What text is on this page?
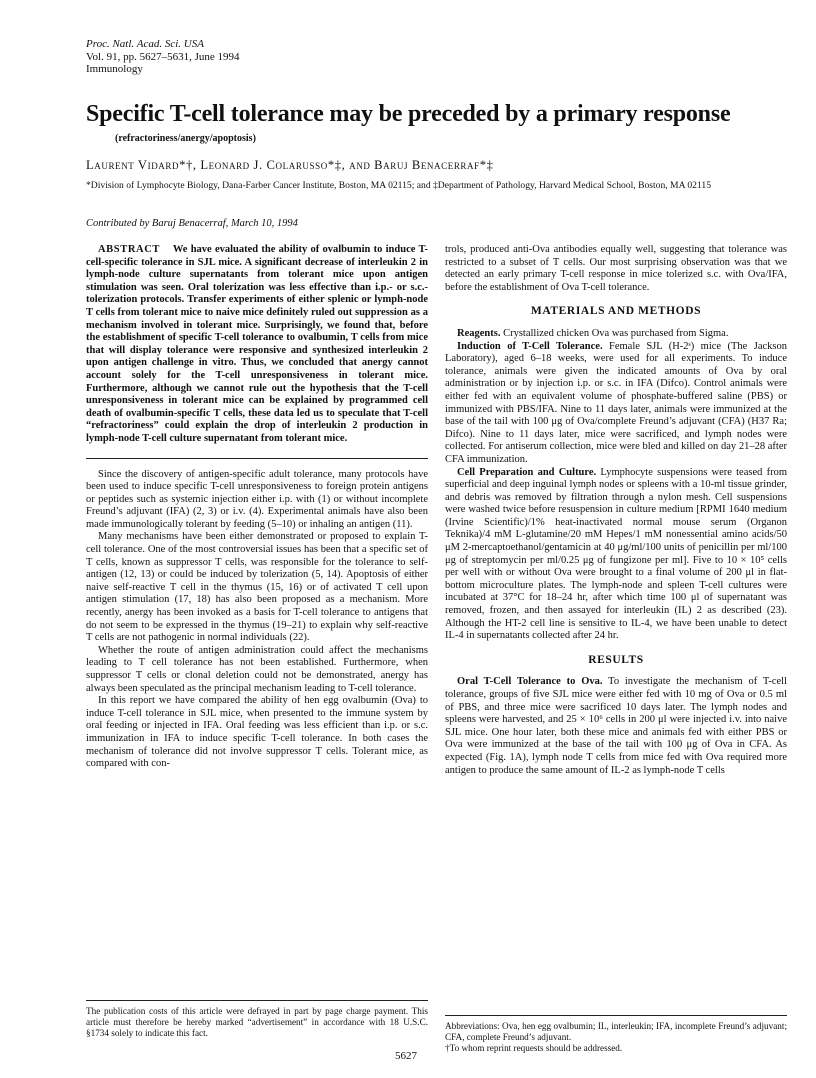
Proc. Natl. Acad. Sci. USA
Vol. 91, pp. 5627–5631, June 1994
Immunology
Specific T-cell tolerance may be preceded by a primary response
(refractoriness/anergy/apoptosis)
Laurent Vidard*†, Leonard J. Colarusso*‡, and Baruj Benacerraf*‡
*Division of Lymphocyte Biology, Dana-Farber Cancer Institute, Boston, MA 02115; and ‡Department of Pathology, Harvard Medical School, Boston, MA 02115
Contributed by Baruj Benacerraf, March 10, 1994

ABSTRACT We have evaluated the ability of ovalbumin to induce T-cell-specific tolerance in SJL mice. A significant decrease of interleukin 2 in lymph-node culture supernatants from tolerant mice upon antigen stimulation was seen. Oral tolerization was less effective than i.p.- or s.c.-tolerization protocols. Transfer experiments of either splenic or lymph-node T cells from tolerant mice to naive mice definitely ruled out suppression as a mechanism involved in tolerant mice. Surprisingly, we found that, before the establishment of specific T-cell tolerance to ovalbumin, T cells from mice that will display tolerance were responsive and synthesized interleukin 2 upon antigen challenge in vitro. Thus, we concluded that anergy cannot account solely for the T-cell unresponsiveness in tolerant mice. Furthermore, although we cannot rule out the hypothesis that the T-cell unresponsiveness in tolerant mice can be explained by programmed cell death of ovalbumin-specific T cells, these data led us to speculate that T-cell “refractoriness” could explain the drop of interleukin 2 production in lymph-node T-cell culture supernatant from tolerant mice.

Since the discovery of antigen-specific adult tolerance, many protocols have been used to induce specific T-cell unresponsiveness to foreign protein antigens or peptides such as systemic injection either i.p. with (1) or without incomplete Freund’s adjuvant (IFA) (2, 3) or i.v. (4). Experimental animals have also been made immunologically tolerant by feeding (5–10) or inhaling an antigen (11).

Many mechanisms have been either demonstrated or proposed to explain T-cell tolerance. One of the most controversial issues has been that a specific set of T cells, known as suppressor T cells, was responsible for the tolerance to self-antigen (12, 13) or could be induced by tolerization (5, 14). Apoptosis of either naive self-reactive T cell in the thymus (15, 16) or of activated T cell upon antigen stimulation (17, 18) has also been proposed as a mechanism. More recently, anergy has been invoked as a basis for T-cell tolerance to antigens that do not seem to be expressed in the thymus (19–21) to explain why self-reactive T cells are not pathogenic in normal individuals (22).

Whether the route of antigen administration could affect the mechanisms leading to T cell tolerance has not been established. Furthermore, when suppressor T cells or clonal deletion could not be demonstrated, anergy has always been speculated as the principal mechanism leading to T-cell tolerance.

In this report we have compared the ability of hen egg ovalbumin (Ova) to induce T-cell tolerance in SJL mice, when presented to the immune system by oral feeding or injected in IFA. Oral feeding was less efficient than i.p. or s.c. immunization in IFA to induce specific T-cell tolerance. In both cases the mechanism of tolerance did not involve suppressor T cells. Tolerant mice, as compared with con-

trols, produced anti-Ova antibodies equally well, suggesting that tolerance was restricted to a subset of T cells. Our most surprising observation was that we detected an early primary T-cell response in mice tolerized s.c. with Ova/IFA, before the establishment of Ova T-cell tolerance.

MATERIALS AND METHODS

Reagents. Crystallized chicken Ova was purchased from Sigma.

Induction of T-Cell Tolerance. Female SJL (H-2ˢ) mice (The Jackson Laboratory), aged 6–18 weeks, were used for all experiments. To induce tolerance, animals were given the indicated amounts of Ova by oral administration or by injection i.p. or s.c. in IFA (Difco). Control animals were either fed with an equivalent volume of phosphate-buffered saline (PBS) or immunized with PBS/IFA. Nine to 11 days later, animals were immunized at the base of the tail with 100 μg of Ova/complete Freund’s adjuvant (CFA) (H37 Ra; Difco). Nine to 11 days later, mice were sacrificed, and lymph nodes were collected. For antiserum collection, mice were bled and killed on day 21–28 after CFA immunization.

Cell Preparation and Culture. Lymphocyte suspensions were teased from superficial and deep inguinal lymph nodes or spleens with a 10-ml tissue grinder, and debris was removed by filtration through a nylon mesh. Cell suspensions were washed twice before resuspension in culture medium [RPMI 1640 medium (Irvine Scientific)/1% heat-inactivated normal mouse serum (Organon Teknika)/4 mM L-glutamine/20 mM Hepes/1 mM nonessential amino acids/50 μM 2-mercaptoethanol/gentamicin at 40 μg/ml/100 units of penicillin per ml/100 μg of streptomycin per ml/0.25 μg of fungizone per ml]. Five to 10 × 10⁵ cells per well with or without Ova were brought to a final volume of 200 μl in flat-bottom microculture plates. The lymph-node and spleen T-cell cultures were incubated at 37°C for 18–24 hr, after which time 100 μl of supernatant was removed, frozen, and then assayed for interleukin (IL) 2 as described (23). Although the HT-2 cell line is sensitive to IL-4, we have been unable to detect IL-4 in supernatants collected after 24 hr.

RESULTS

Oral T-Cell Tolerance to Ova. To investigate the mechanism of T-cell tolerance, groups of five SJL mice were either fed with 10 mg of Ova or 0.5 ml of PBS, and three mice were sacrificed 10 days later. The lymph nodes and spleens were harvested, and 25 × 10⁶ cells in 200 μl were injected i.v. into naive SJL mice. One hour later, both these mice and animals fed with either PBS or Ova were immunized at the base of the tail with 100 μg of Ova in CFA. As expected (Fig. 1A), lymph node T cells from mice fed with Ova required more antigen to produce the same amount of IL-2 as lymph-node T cells

The publication costs of this article were defrayed in part by page charge payment. This article must therefore be hereby marked “advertisement” in accordance with 18 U.S.C. §1734 solely to indicate this fact.
Abbreviations: Ova, hen egg ovalbumin; IL, interleukin; IFA, incomplete Freund’s adjuvant; CFA, complete Freund’s adjuvant.
†To whom reprint requests should be addressed.
5627
